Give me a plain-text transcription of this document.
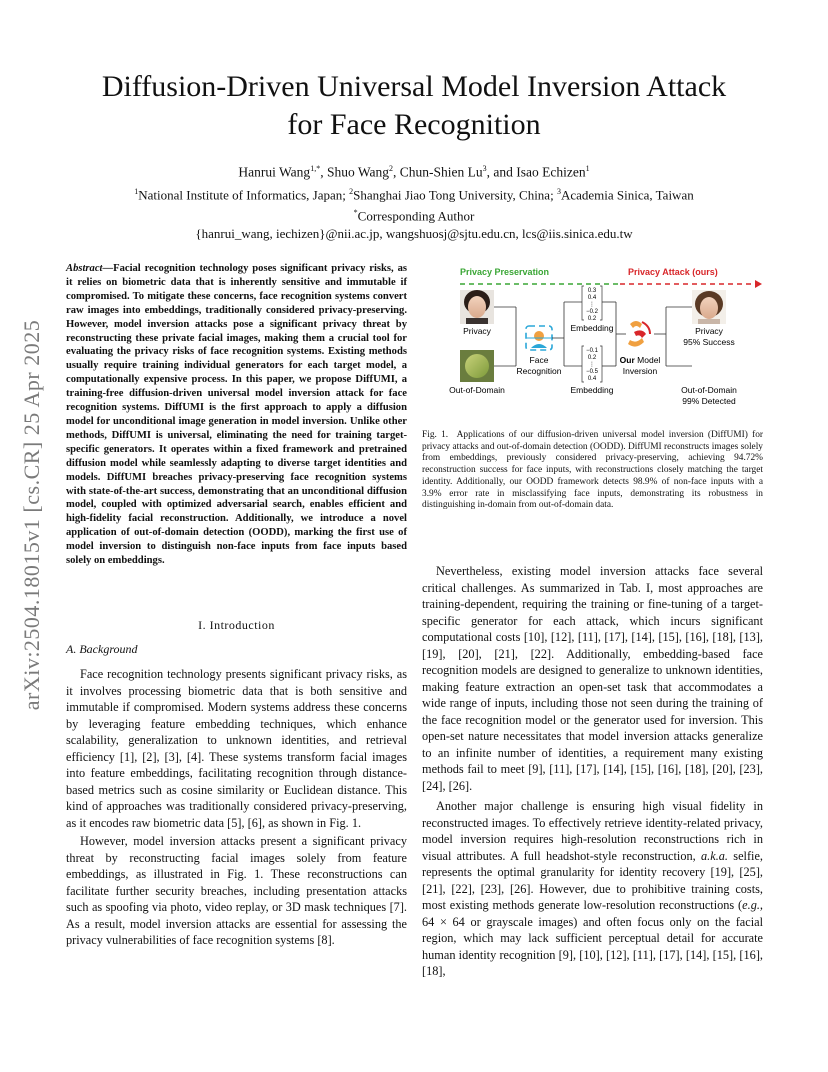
arXiv:2504.18015v1 [cs.CR] 25 Apr 2025
Diffusion-Driven Universal Model Inversion Attack
for Face Recognition
Hanrui Wang$^{1,*}$, Shuo Wang$^2$, Chun-Shien Lu$^3$, and Isao Echizen$^1$
$^1$National Institute of Informatics, Japan; $^2$Shanghai Jiao Tong University, China; $^3$Academia Sinica, Taiwan
*Corresponding Author
{hanrui_wang, iechizen}@nii.ac.jp, wangshuosj@sjtu.edu.cn, lcs@iis.sinica.edu.tw
Abstract—Facial recognition technology poses significant privacy risks, as it relies on biometric data that is inherently sensitive and immutable if compromised. To mitigate these concerns, face recognition systems convert raw images into embeddings, traditionally considered privacy-preserving. However, model inversion attacks pose a significant privacy threat by reconstructing these private facial images, making them a crucial tool for evaluating the privacy risks of face recognition systems. Existing methods usually require training individual generators for each target model, a computationally expensive process. In this paper, we propose DiffUMI, a training-free diffusion-driven universal model inversion attack for face recognition systems. DiffUMI is the first approach to apply a diffusion model for unconditional image generation in model inversion. Unlike other methods, DiffUMI is universal, eliminating the need for training target-specific generators. It operates within a fixed framework and pretrained diffusion model while seamlessly adapting to diverse target identities and models. DiffUMI breaches privacy-preserving face recognition systems with state-of-the-art success, demonstrating that an unconditional diffusion model, coupled with optimized adversarial search, enables efficient and high-fidelity facial reconstruction. Additionally, we introduce a novel application of out-of-domain detection (OODD), marking the first use of model inversion to distinguish non-face inputs from face inputs based solely on embeddings.
I. Introduction
A. Background

Face recognition technology presents significant privacy risks, as it involves processing biometric data that is both sensitive and immutable if compromised. Modern systems address these concerns by leveraging feature embedding techniques, which enhance scalability, generalization to unknown identities, and retrieval efficiency [1], [2], [3], [4]. These systems transform facial images into feature embeddings, facilitating recognition through distance-based metrics such as cosine similarity or Euclidean distance. This kind of approaches was traditionally considered privacy-preserving, as it encodes raw biometric data [5], [6], as shown in Fig. 1.

However, model inversion attacks present a significant privacy threat by reconstructing facial images solely from feature embeddings, as illustrated in Fig. 1. These reconstructions can facilitate further security breaches, including presentation attacks such as spoofing via photo, video replay, or 3D mask techniques [7]. As a result, model inversion attacks are essential for assessing the privacy vulnerabilities of face recognition systems [8].

Privacy Preservation	Privacy Attack (ours)
Privacy
Out-of-Domain
Face
Recognition
0.3
0.4
⋮
−0.2
0.2
Embedding
−0.1
0.2
⋮
−0.5
0.4
Embedding
Our Model
Inversion
Privacy
95% Success
Out-of-Domain
99% Detected
Fig. 1. Applications of our diffusion-driven universal model inversion (DiffUMI) for privacy attacks and out-of-domain detection (OODD). DiffUMI reconstructs images solely from embeddings, previously considered privacy-preserving, achieving 94.72% reconstruction success for face inputs, with reconstructions closely matching the target identity. Additionally, our OODD framework detects 98.9% of non-face inputs with a 3.9% error rate in misclassifying face inputs, demonstrating its robustness in distinguishing in-domain from out-of-domain data.

Nevertheless, existing model inversion attacks face several critical challenges. As summarized in Tab. I, most approaches are training-dependent, requiring the training or fine-tuning of a target-specific generator for each attack, which incurs significant computational costs [10], [12], [11], [17], [14], [15], [16], [18], [13], [19], [20], [21], [22]. Additionally, embedding-based face recognition models are designed to generalize to unknown identities, making feature extraction an open-set task that accommodates a wide range of inputs, including those not seen during the training of the face recognition model or the generator used for inversion. This open-set nature necessitates that model inversion attacks generalize to an infinite number of identities, a requirement many existing methods fail to meet [9], [11], [17], [14], [15], [16], [18], [20], [23], [24], [26].

Another major challenge is ensuring high visual fidelity in reconstructed images. To effectively retrieve identity-related privacy, model inversion requires high-resolution reconstructions rich in visual attributes. A full headshot-style reconstruction, a.k.a. selfie, represents the optimal granularity for identity recovery [19], [25], [21], [22], [23], [26]. However, due to prohibitive training costs, most existing methods generate low-resolution reconstructions (e.g., 64 × 64 or grayscale images) and often focus only on the facial region, which may lack sufficient perceptual detail for accurate human identity recognition [9], [10], [12], [11], [17], [14], [15], [16], [18],
